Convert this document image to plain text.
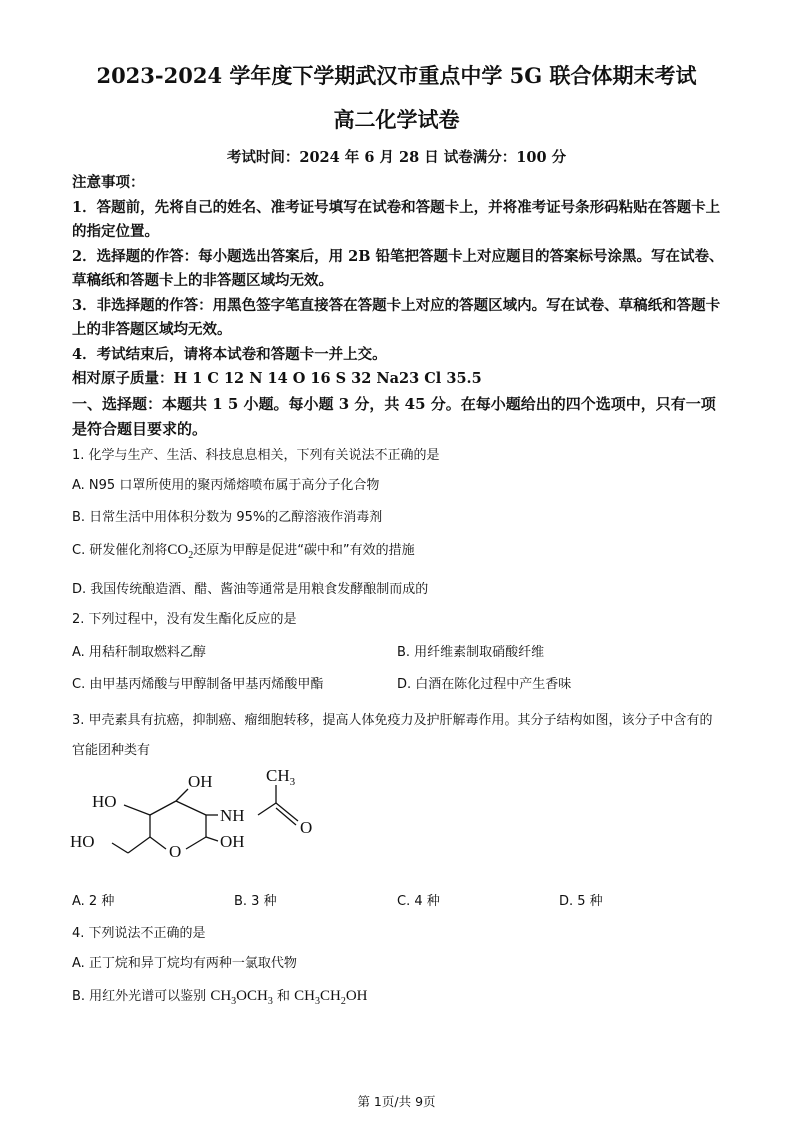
2023-2024 学年度下学期武汉市重点中学 5G 联合体期末考试
高二化学试卷
考试时间：2024 年 6 月 28 日 试卷满分：100 分

注意事项：

1．答题前，先将自己的姓名、准考证号填写在试卷和答题卡上，并将准考证号条形码粘贴在答题卡上的指定位置。

2．选择题的作答：每小题选出答案后，用 2B 铅笔把答题卡上对应题目的答案标号涂黑。写在试卷、草稿纸和答题卡上的非答题区域均无效。

3．非选择题的作答：用黑色签字笔直接答在答题卡上对应的答题区域内。写在试卷、草稿纸和答题卡上的非答题区域均无效。

4．考试结束后，请将本试卷和答题卡一并上交。

相对原子质量：H 1 C 12 N 14 O 16 S 32 Na23 Cl 35.5

一、选择题：本题共 1 5 小题。每小题 3 分，共 45 分。在每小题给出的四个选项中，只有一项是符合题目要求的。
1. 化学与生产、生活、科技息息相关，下列有关说法不正确的是
A. N95 口罩所使用的聚丙烯熔喷布属于高分子化合物
B. 日常生活中用体积分数为 95%的乙醇溶液作消毒剂
C. 研发催化剂将$CO_2$还原为甲醇是促进“碳中和”有效的措施
D. 我国传统酿造酒、醋、酱油等通常是用粮食发酵酿制而成的
2. 下列过程中，没有发生酯化反应的是
A. 用秸秆制取燃料乙醇	B. 用纤维素制取硝酸纤维
C. 由甲基丙烯酸与甲醇制备甲基丙烯酸甲酯	D. 白酒在陈化过程中产生香味
3. 甲壳素具有抗癌，抑制癌、瘤细胞转移，提高人体免疫力及护肝解毒作用。其分子结构如图，该分子中含有的官能团种类有
OH
HO
HO	OH
NH
O
$CH_3$
O
A. 2 种	B. 3 种	C. 4 种	D. 5 种
4. 下列说法不正确的是
A. 正丁烷和异丁烷均有两种一氯取代物
B. 用红外光谱可以鉴别 $CH_3OCH_3$ 和 $CH_3CH_2OH$
第 1页/共 9页
